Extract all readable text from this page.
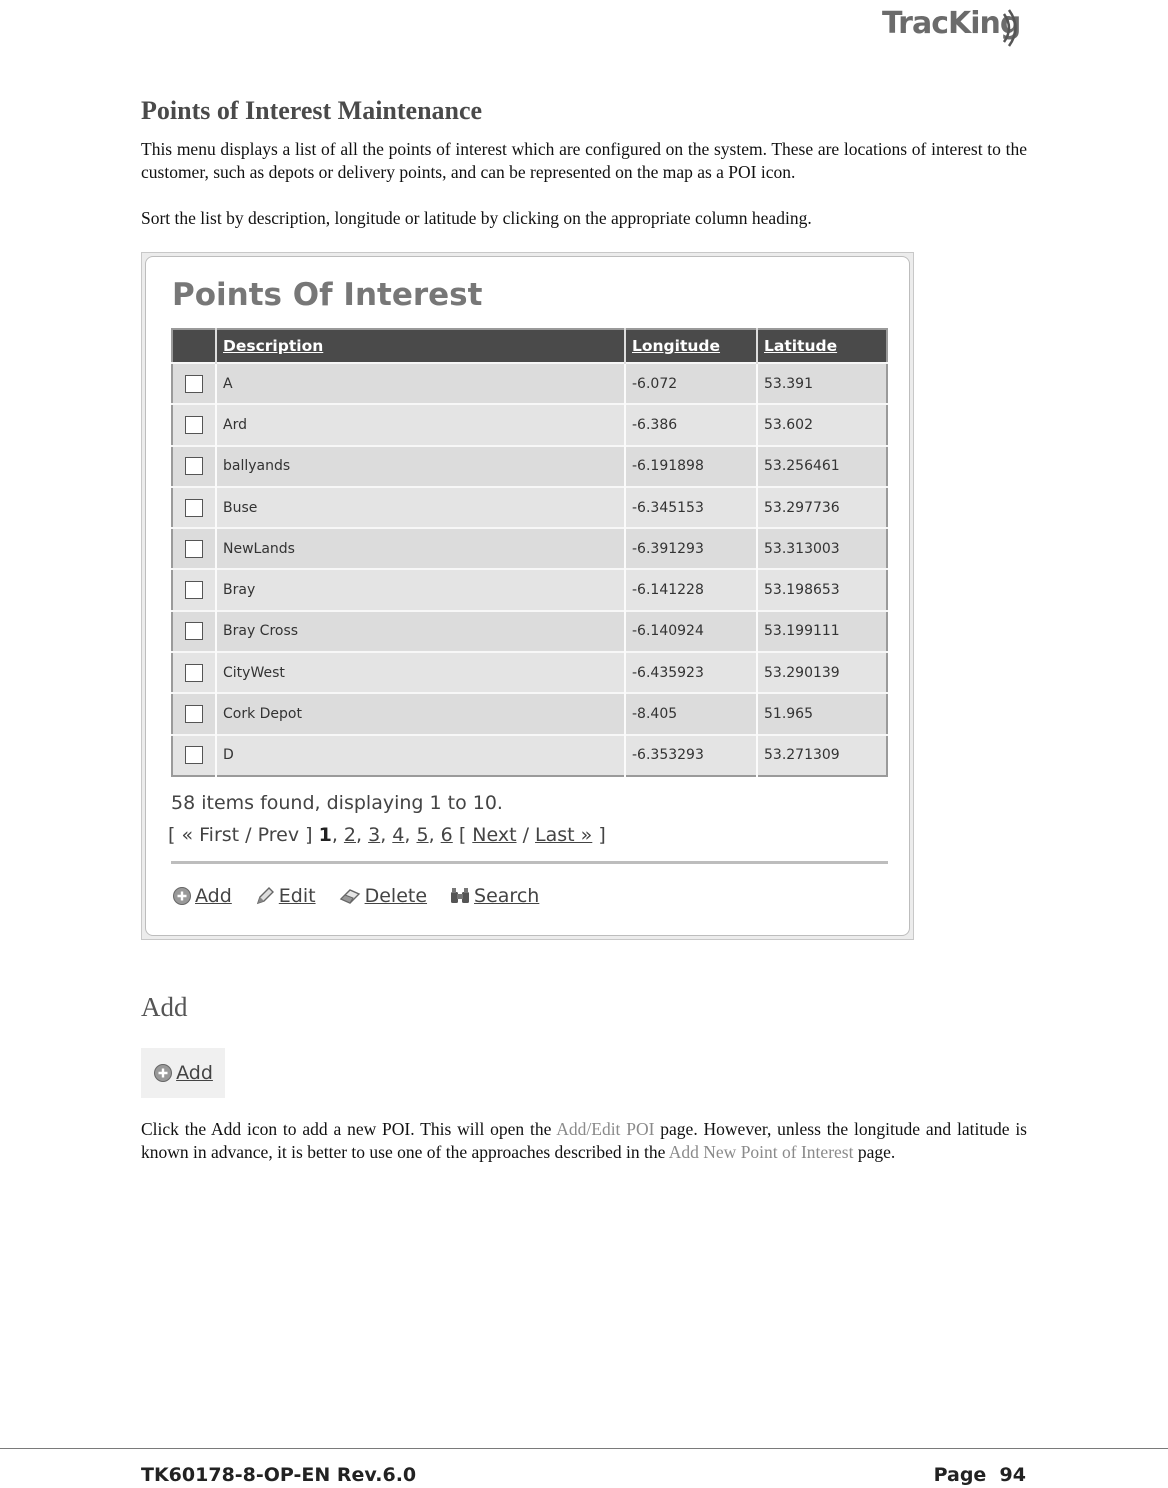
TracKing
Points of Interest Maintenance

This menu displays a list of all the points of interest which are configured on the system. These are locations of interest to the customer, such as depots or delivery points, and can be represented on the map as a POI icon.

Sort the list by description, longitude or latitude by clicking on the appropriate column heading.

Points Of Interest
	Description	Longitude	Latitude
	A	-6.072	53.391
	Ard	-6.386	53.602
	ballyands	-6.191898	53.256461
	Buse	-6.345153	53.297736
	NewLands	-6.391293	53.313003
	Bray	-6.141228	53.198653
	Bray Cross	-6.140924	53.199111
	CityWest	-6.435923	53.290139
	Cork Depot	-8.405	51.965
	D	-6.353293	53.271309
58 items found, displaying 1 to 10.
[ « First / Prev ] 1, 2, 3, 4, 5, 6 [ Next / Last » ]
Add Edit	Delete Search
Add
Add

Click the Add icon to add a new POI. This will open the Add/Edit POI page. However, unless the longitude and latitude is known in advance, it is better to use one of the approaches described in the Add New Point of Interest page.

TK60178-8-OP-EN Rev.6.0	Page  94
